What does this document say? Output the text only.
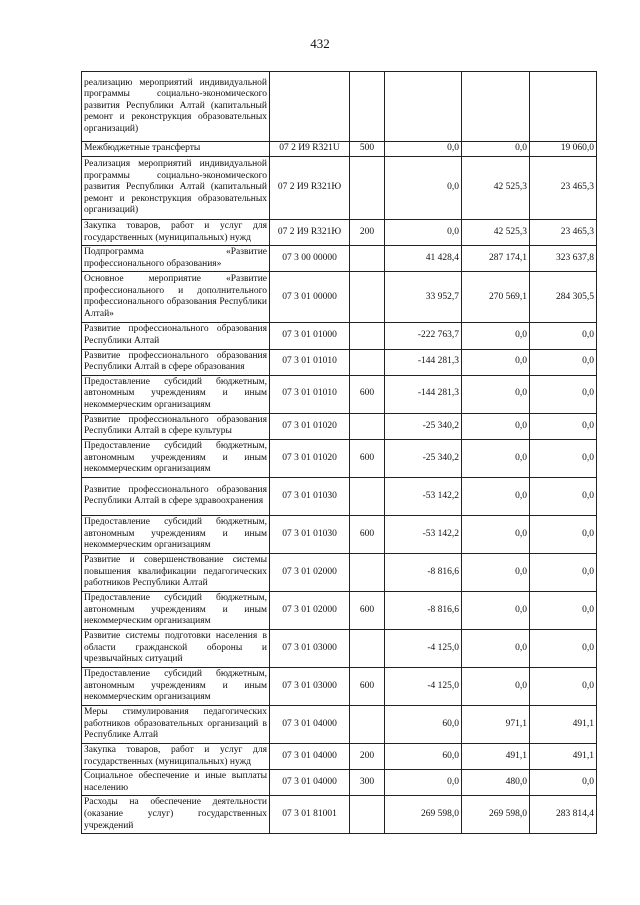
432
реализацию мероприятий индивидуальной программы социально-экономического развития Республики Алтай (капитальный ремонт и реконструкция образовательных организаций)					
Межбюджетные трансферты	07 2 И9 R321U	500	0,0	0,0	19 060,0
Реализация мероприятий индивидуальной программы социально-экономического развития Республики Алтай (капитальный ремонт и реконструкция образовательных организаций)	07 2 И9 R321Ю		0,0	42 525,3	23 465,3
Закупка товаров, работ и услуг для государственных (муниципальных) нужд	07 2 И9 R321Ю	200	0,0	42 525,3	23 465,3
Подпрограмма «Развитие профессионального образования»	07 3 00 00000		41 428,4	287 174,1	323 637,8
Основное мероприятие «Развитие профессионального и дополнительного профессионального образования Республики Алтай»	07 3 01 00000		33 952,7	270 569,1	284 305,5
Развитие профессионального образования Республики Алтай	07 3 01 01000		-222 763,7	0,0	0,0
Развитие профессионального образования Республики Алтай в сфере образования	07 3 01 01010		-144 281,3	0,0	0,0
Предоставление субсидий бюджетным, автономным учреждениям и иным некоммерческим организациям	07 3 01 01010	600	-144 281,3	0,0	0,0
Развитие профессионального образования Республики Алтай в сфере культуры	07 3 01 01020		-25 340,2	0,0	0,0
Предоставление субсидий бюджетным, автономным учреждениям и иным некоммерческим организациям	07 3 01 01020	600	-25 340,2	0,0	0,0
Развитие профессионального образования Республики Алтай в сфере здравоохранения	07 3 01 01030		-53 142,2	0,0	0,0
Предоставление субсидий бюджетным, автономным учреждениям и иным некоммерческим организациям	07 3 01 01030	600	-53 142,2	0,0	0,0
Развитие и совершенствование системы повышения квалификации педагогических работников Республики Алтай	07 3 01 02000		-8 816,6	0,0	0,0
Предоставление субсидий бюджетным, автономным учреждениям и иным некоммерческим организациям	07 3 01 02000	600	-8 816,6	0,0	0,0
Развитие системы подготовки населения в области гражданской обороны и чрезвычайных ситуаций	07 3 01 03000		-4 125,0	0,0	0,0
Предоставление субсидий бюджетным, автономным учреждениям и иным некоммерческим организациям	07 3 01 03000	600	-4 125,0	0,0	0,0
Меры стимулирования педагогических работников образовательных организаций в Республике Алтай	07 3 01 04000		60,0	971,1	491,1
Закупка товаров, работ и услуг для государственных (муниципальных) нужд	07 3 01 04000	200	60,0	491,1	491,1
Социальное обеспечение и иные выплаты населению	07 3 01 04000	300	0,0	480,0	0,0
Расходы на обеспечение деятельности (оказание услуг) государственных учреждений	07 3 01 81001		269 598,0	269 598,0	283 814,4
